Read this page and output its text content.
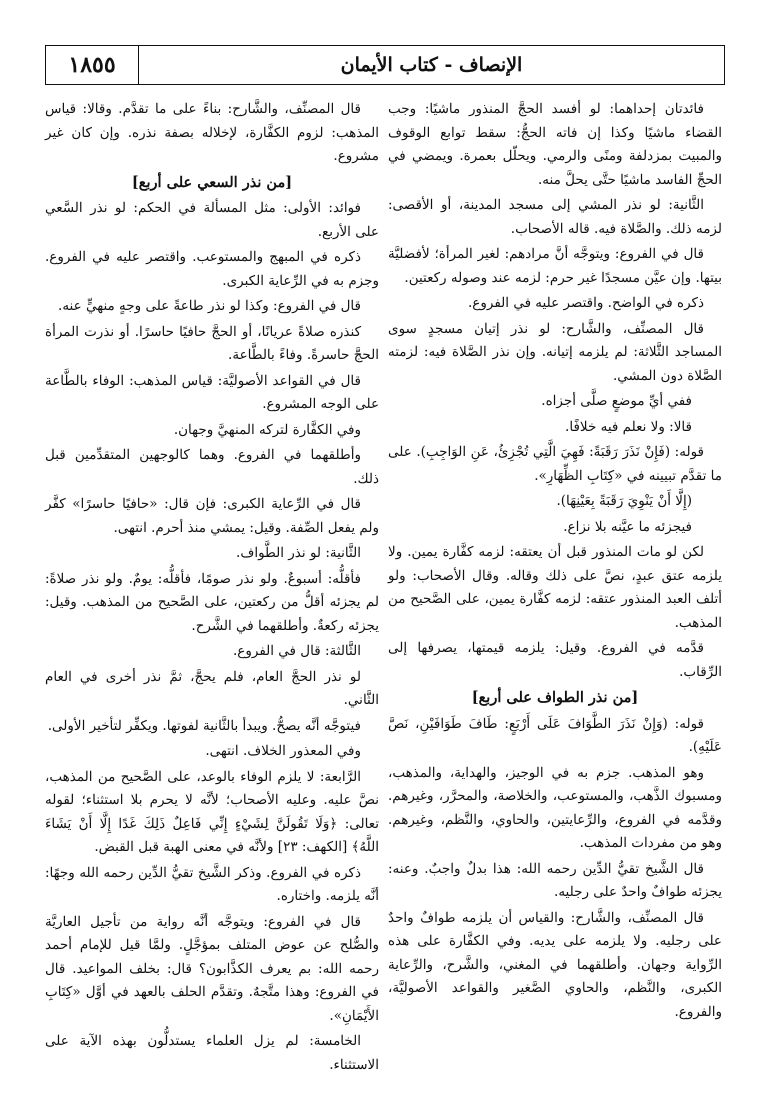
الإنصاف - كتاب الأيمان
١٨٥٥

فائدتان إحداهما: لو أفسد الحجَّ المنذور ماشيًا: وجب القضاء ماشيًا وكذا إن فاته الحجُّ: سقط توابع الوقوف والمبيت بمزدلفة ومنًى والرمي. ويحلّل بعمرة. ويمضي في الحجِّ الفاسد ماشيًا حتَّى يحلَّ منه.

الثَّانية: لو نذر المشي إلى مسجد المدينة، أو الأقصى: لزمه ذلك. والصَّلاة فيه. قاله الأصحاب.

قال في الفروع: ويتوجَّه أنَّ مرادهم: لغير المرأة؛ لأفضليَّة بيتها. وإن عيَّن مسجدًا غير حرم: لزمه عند وصوله ركعتين.

ذكره في الواضح. واقتصر عليه في الفروع.

قال المصنِّف، والشَّارح: لو نذر إتيان مسجدٍ سوى المساجد الثَّلاثة: لم يلزمه إتيانه. وإن نذر الصَّلاة فيه: لزمته الصَّلاة دون المشي.

ففي أيِّ موضعٍ صلَّى أجزاه.

قالا: ولا نعلم فيه خلافًا.

قوله: (فَإِنْ نَذَرَ رَقَبَةً: فَهِيَ الَّتِي تُجْزِئُ، عَنِ الوَاجِبِ). على ما تقدَّم تبيينه في «كِتَابِ الظِّهَارِ».

(إِلَّا أَنْ يَنْوِيَ رَقَبَةً بِعَيْنِهَا).

فيجزئه ما عيَّنه بلا نزاع.

لكن لو مات المنذور قبل أن يعتقه: لزمه كفَّارة يمين. ولا يلزمه عتق عبدٍ، نصَّ على ذلك وقاله. وقال الأصحاب: ولو أتلف العبد المنذور عتقه: لزمه كفَّارة يمين، على الصَّحيح من المذهب.

قدَّمه في الفروع. وقيل: يلزمه قيمتها، يصرفها إلى الرِّقاب.

[من نذر الطواف على أربع]

قوله: (وَإِنْ نَذَرَ الطَّوَافَ عَلَى أَرْبَعٍ: طَافَ طَوَافَيْنِ، نَصَّ عَلَيْهِ).

وهو المذهب. جزم به في الوجيز، والهداية، والمذهب، ومسبوك الذَّهب، والمستوعب، والخلاصة، والمحرَّر، وغيرهم. وقدَّمه في الفروع، والرِّعايتين، والحاوي، والنَّظم، وغيرهم. وهو من مفردات المذهب.

قال الشَّيخ تقيُّ الدِّين رحمه الله: هذا بدلٌ واجبٌ. وعنه: يجزئه طوافٌ واحدٌ على رجليه.

قال المصنِّف، والشَّارح: والقياس أن يلزمه طوافٌ واحدٌ على رجليه. ولا يلزمه على يديه. وفي الكفَّارة على هذه الرِّواية وجهان. وأطلقهما في المغني، والشَّرح، والرِّعاية الكبرى، والنَّظم، والحاوي الصَّغير والقواعد الأصوليَّة، والفروع.

قال المصنِّف، والشَّارح: بناءً على ما تقدَّم. وقالا: قياس المذهب: لزوم الكفَّارة، لإخلاله بصفة نذره. وإن كان غير مشروع.

[من نذر السعي على أربع]

فوائد: الأولى: مثل المسألة في الحكم: لو نذر السَّعي على الأربع.

ذكره في المبهج والمستوعب. واقتصر عليه في الفروع. وجزم به في الرِّعاية الكبرى.

قال في الفروع: وكذا لو نذر طاعةً على وجهٍ منهيٍّ عنه.

كنذره صلاةً عريانًا، أو الحجَّ حافيًا حاسرًا. أو نذرت المرأة الحجَّ حاسرةً. وفاءً بالطَّاعة.

قال في القواعد الأصوليَّة: قياس المذهب: الوفاء بالطَّاعة على الوجه المشروع.

وفي الكفَّارة لتركه المنهيَّ وجهان.

وأطلقهما في الفروع. وهما كالوجهين المتقدِّمين قبل ذلك.

قال في الرِّعاية الكبرى: فإن قال: «حافيًا حاسرًا» كفَّر ولم يفعل الصِّفة. وقيل: يمشي منذ أحرم. انتهى.

الثَّانية: لو نذر الطَّواف.

فأقلُّه: أسبوعٌ. ولو نذر صومًا، فأقلُّه: يومٌ. ولو نذر صلاةً: لم يجزئه أقلُّ من ركعتين، على الصَّحيح من المذهب. وقيل: يجزئه ركعةٌ. وأطلقهما في الشَّرح.

الثَّالثة: قال في الفروع.

لو نذر الحجَّ العام، فلم يحجَّ، ثمَّ نذر أخرى في العام الثَّاني.

فيتوجَّه أنَّه يصحُّ. ويبدأ بالثَّانية لفوتها. ويكفِّر لتأخير الأولى.

وفي المعذور الخلاف. انتهى.

الرَّابعة: لا يلزم الوفاء بالوعد، على الصَّحيح من المذهب، نصَّ عليه. وعليه الأصحاب؛ لأنَّه لا يحرم بلا استثناء؛ لقوله تعالى: ﴿وَلَا تَقُولَنَّ لِشَيْءٍ إِنِّي فَاعِلٌ ذَلِكَ غَدًا إِلَّا أَنْ يَشَاءَ اللَّهُ﴾ [الكهف: ٢٣] ولأنَّه في معنى الهبة قبل القبض.

ذكره في الفروع. وذكر الشَّيخ تقيُّ الدِّين رحمه الله وجهًا: أنَّه يلزمه. واختاره.

قال في الفروع: ويتوجَّه أنَّه رواية من تأجيل العاريَّة والصُّلح عن عوض المتلف بمؤجَّلٍ. ولمَّا قيل للإمام أحمد رحمه الله: بم يعرف الكذَّابون؟ قال: بخلف المواعيد. قال في الفروع: وهذا متَّجهٌ. وتقدَّم الحلف بالعهد في أوَّل «كِتَابِ الأَيْمَانِ».

الخامسة: لم يزل العلماء يستدلُّون بهذه الآية على الاستثناء.
